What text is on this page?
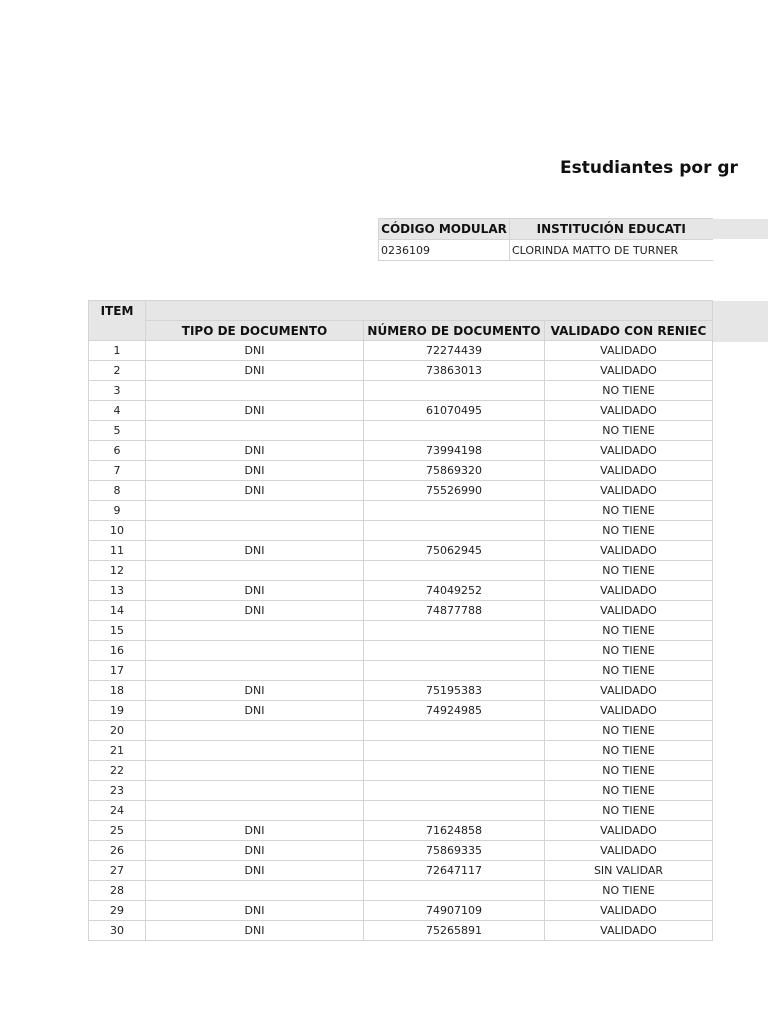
Estudiantes por gr
CÓDIGO MODULAR	INSTITUCIÓN EDUCATI
0236109	CLORINDA MATTO DE TURNER
ITEM			
	TIPO DE DOCUMENTO	NÚMERO DE DOCUMENTO	VALIDADO CON RENIEC
1	DNI	72274439	VALIDADO
2	DNI	73863013	VALIDADO
3			NO TIENE
4	DNI	61070495	VALIDADO
5			NO TIENE
6	DNI	73994198	VALIDADO
7	DNI	75869320	VALIDADO
8	DNI	75526990	VALIDADO
9			NO TIENE
10			NO TIENE
11	DNI	75062945	VALIDADO
12			NO TIENE
13	DNI	74049252	VALIDADO
14	DNI	74877788	VALIDADO
15			NO TIENE
16			NO TIENE
17			NO TIENE
18	DNI	75195383	VALIDADO
19	DNI	74924985	VALIDADO
20			NO TIENE
21			NO TIENE
22			NO TIENE
23			NO TIENE
24			NO TIENE
25	DNI	71624858	VALIDADO
26	DNI	75869335	VALIDADO
27	DNI	72647117	SIN VALIDAR
28			NO TIENE
29	DNI	74907109	VALIDADO
30	DNI	75265891	VALIDADO
